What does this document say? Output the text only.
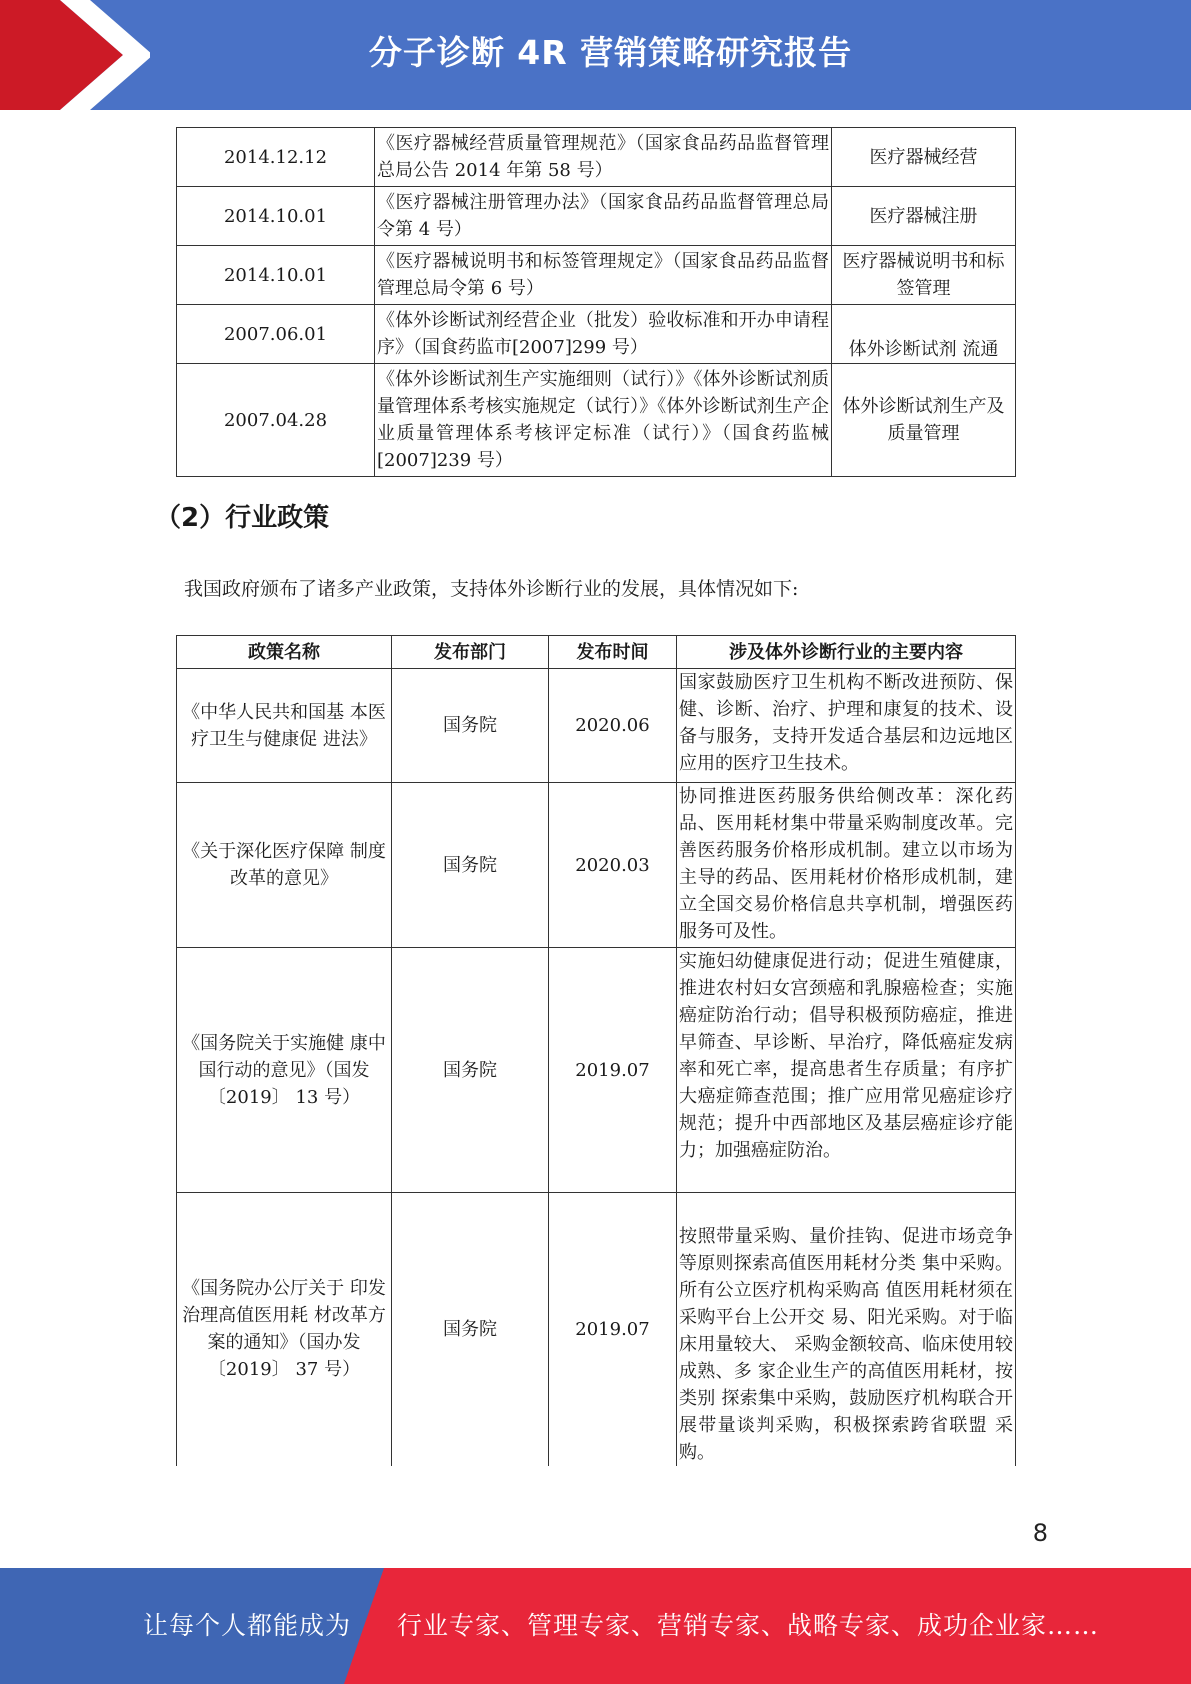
分子诊断 4R 营销策略研究报告
2014.12.12	《医疗器械经营质量管理规范》（国家食品药品监督管理总局公告 2014 年第 58 号）	医疗器械经营
2014.10.01	《医疗器械注册管理办法》（国家食品药品监督管理总局令第 4 号）	医疗器械注册
2014.10.01	《医疗器械说明书和标签管理规定》（国家食品药品监督管理总局令第 6 号）	医疗器械说明书和标签管理
2007.06.01	《体外诊断试剂经营企业（批发）验收标准和开办申请程序》（国食药监市[2007]299 号）	体外诊断试剂 流通
2007.04.28	《体外诊断试剂生产实施细则（试行）》《体外诊断试剂质量管理体系考核实施规定（试行）》《体外诊断试剂生产企业质量管理体系考核评定标准（试行）》（国食药监械[2007]239 号）	体外诊断试剂生产及质量管理
（2）行业政策
我国政府颁布了诸多产业政策，支持体外诊断行业的发展，具体情况如下:
政策名称	发布部门	发布时间	涉及体外诊断行业的主要内容
《中华人民共和国基 本医疗卫生与健康促 进法》	国务院	2020.06	国家鼓励医疗卫生机构不断改进预防、保健、诊断、治疗、护理和康复的技术、设备与服务，支持开发适合基层和边远地区应用的医疗卫生技术。
《关于深化医疗保障 制度改革的意见》	国务院	2020.03	协同推进医药服务供给侧改革：深化药品、医用耗材集中带量采购制度改革。完善医药服务价格形成机制。建立以市场为主导的药品、医用耗材价格形成机制，建立全国交易价格信息共享机制，增强医药服务可及性。
《国务院关于实施健 康中国行动的意见》（国发〔2019〕 13 号）	国务院	2019.07	实施妇幼健康促进行动；促进生殖健康，推进农村妇女宫颈癌和乳腺癌检查；实施癌症防治行动；倡导积极预防癌症，推进早筛查、早诊断、早治疗，降低癌症发病率和死亡率，提高患者生存质量；有序扩大癌症筛查范围；推广应用常见癌症诊疗规范；提升中西部地区及基层癌症诊疗能力；加强癌症防治。
《国务院办公厅关于 印发治理高值医用耗 材改革方案的通知》（国办发〔2019〕 37 号）	国务院	2019.07	按照带量采购、量价挂钩、促进市场竞争等原则探索高值医用耗材分类 集中采购。所有公立医疗机构采购高 值医用耗材须在采购平台上公开交 易、阳光采购。对于临床用量较大、 采购金额较高、临床使用较成熟、多 家企业生产的高值医用耗材，按类别 探索集中采购，鼓励医疗机构联合开 展带量谈判采购，积极探索跨省联盟 采购。
8
让每个人都能成为 行业专家、管理专家、营销专家、战略专家、成功企业家……
